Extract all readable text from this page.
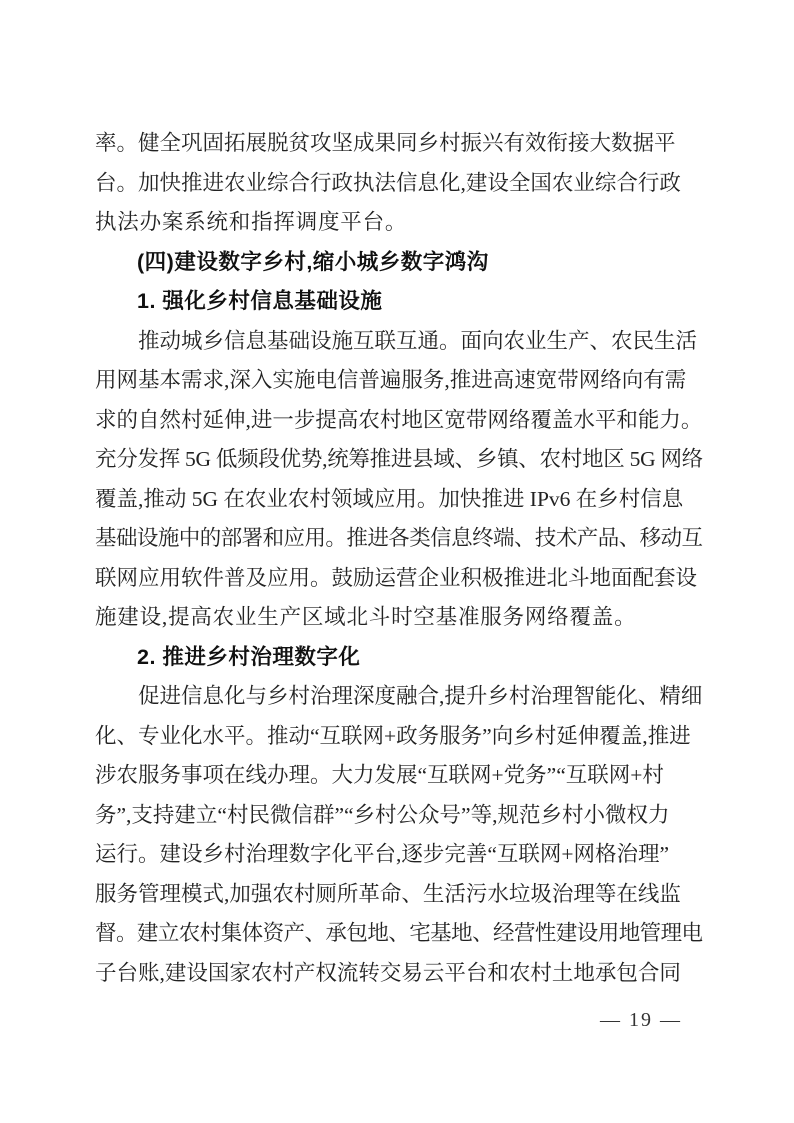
率。健全巩固拓展脱贫攻坚成果同乡村振兴有效衔接大数据平
台。加快推进农业综合行政执法信息化,建设全国农业综合行政
执法办案系统和指挥调度平台。
(四)建设数字乡村,缩小城乡数字鸿沟
1. 强化乡村信息基础设施
推动城乡信息基础设施互联互通。面向农业生产、农民生活
用网基本需求,深入实施电信普遍服务,推进高速宽带网络向有需
求的自然村延伸,进一步提高农村地区宽带网络覆盖水平和能力。
充分发挥 5G 低频段优势,统筹推进县域、乡镇、农村地区 5G 网络
覆盖,推动 5G 在农业农村领域应用。加快推进 IPv6 在乡村信息
基础设施中的部署和应用。推进各类信息终端、技术产品、移动互
联网应用软件普及应用。鼓励运营企业积极推进北斗地面配套设
施建设,提高农业生产区域北斗时空基准服务网络覆盖。
2. 推进乡村治理数字化
促进信息化与乡村治理深度融合,提升乡村治理智能化、精细
化、专业化水平。推动“互联网+政务服务”向乡村延伸覆盖,推进
涉农服务事项在线办理。大力发展“互联网+党务”“互联网+村
务”,支持建立“村民微信群”“乡村公众号”等,规范乡村小微权力
运行。建设乡村治理数字化平台,逐步完善“互联网+网格治理”
服务管理模式,加强农村厕所革命、生活污水垃圾治理等在线监
督。建立农村集体资产、承包地、宅基地、经营性建设用地管理电
子台账,建设国家农村产权流转交易云平台和农村土地承包合同
— 19 —
